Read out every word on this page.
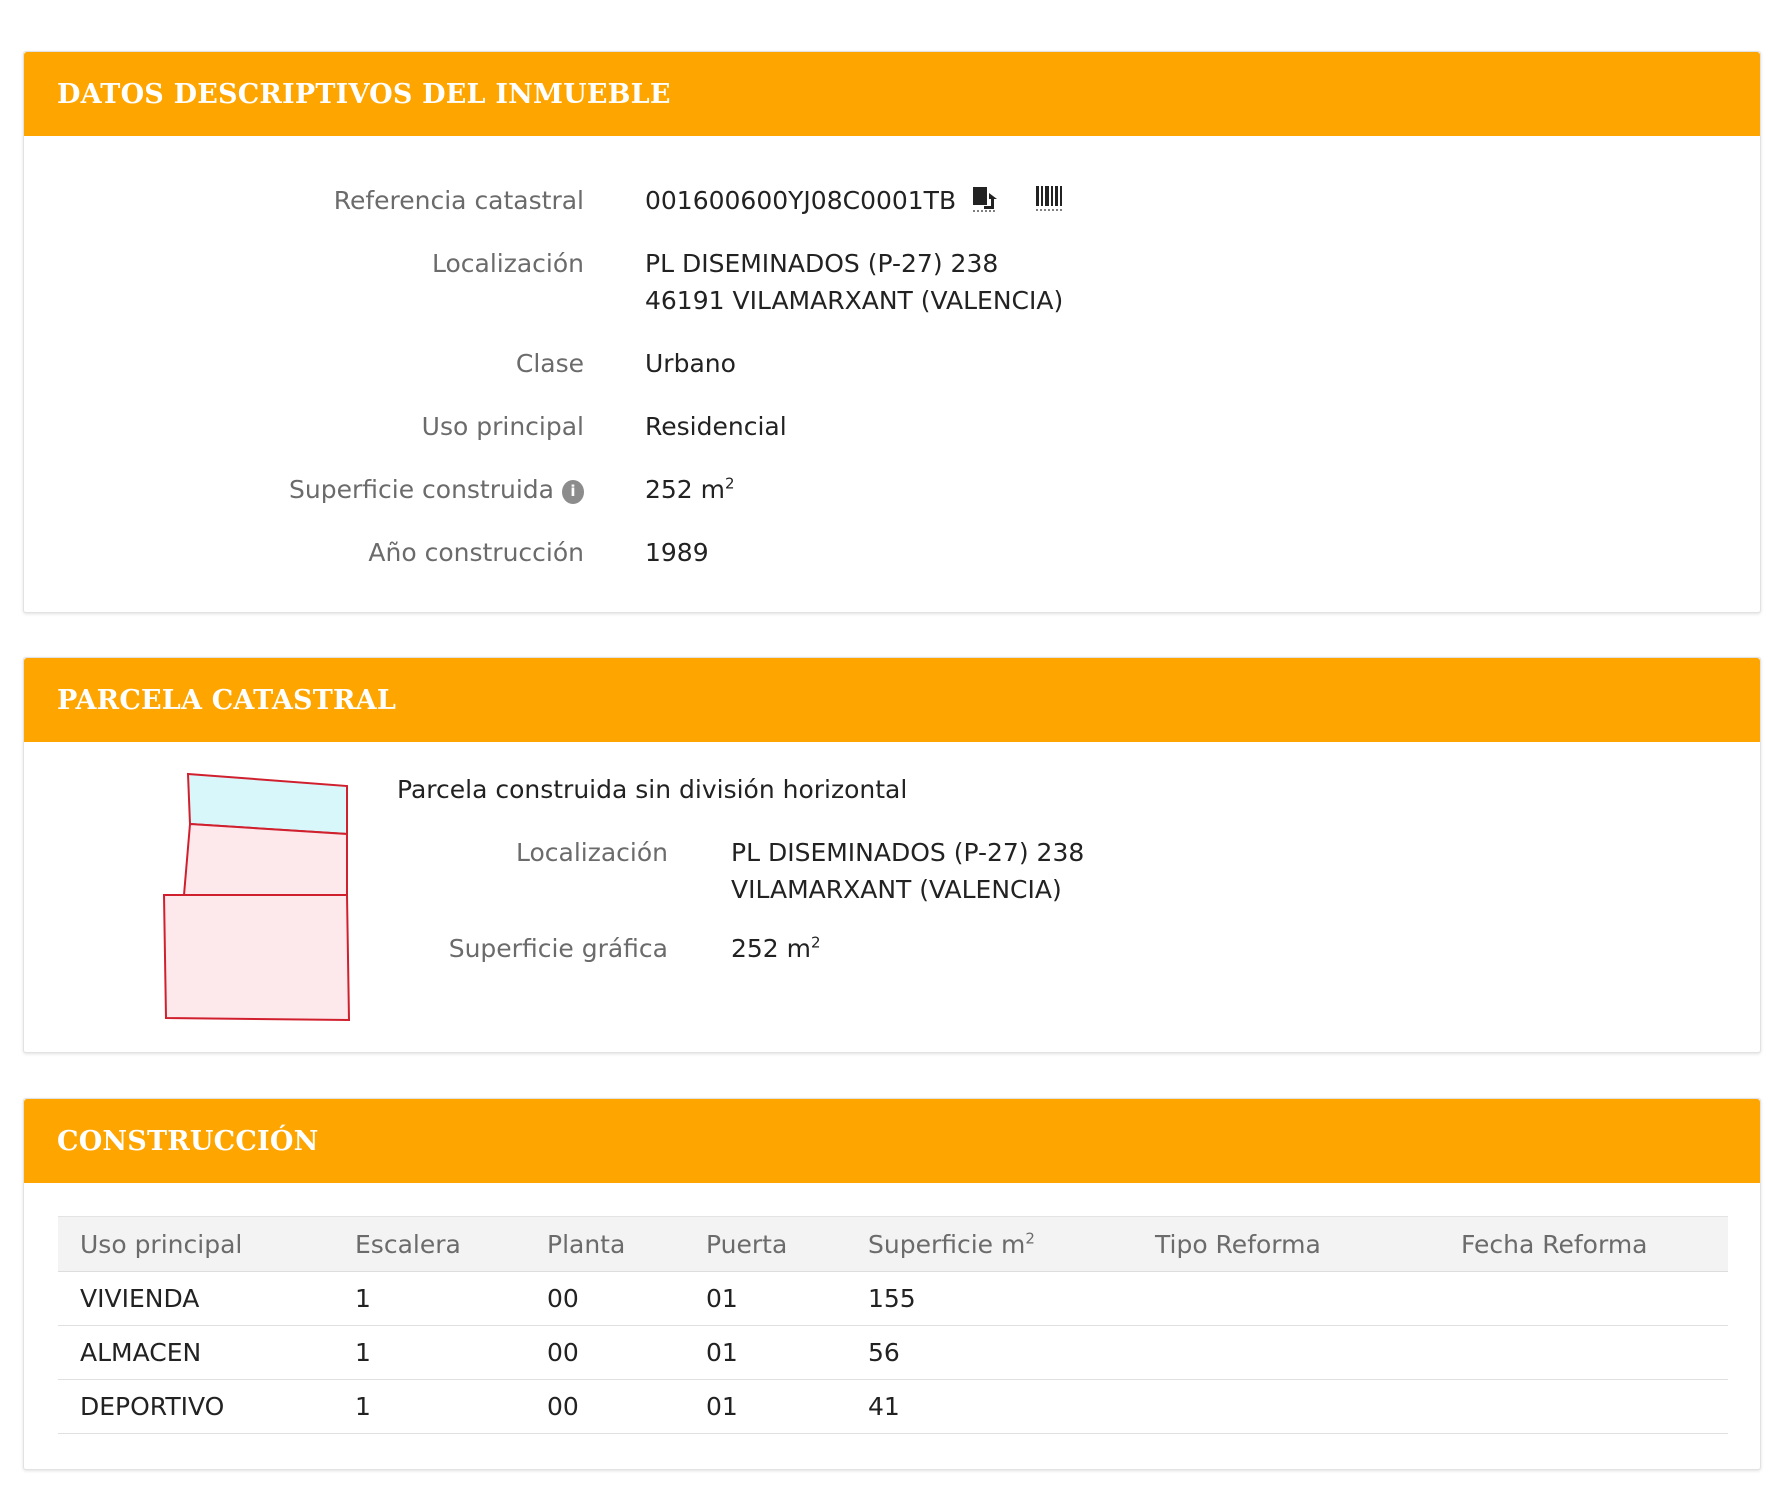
DATOS DESCRIPTIVOS DEL INMUEBLE
Referencia catastral 001600600YJ08C0001TB
Localización PL DISEMINADOS (P-27) 238
46191 VILAMARXANT (VALENCIA)
Clase Urbano
Uso principal Residencial
Superficie construida i	252 $m^2$
Año construcción 1989
PARCELA CATASTRAL
Parcela construida sin división horizontal
Localización	PL DISEMINADOS (P-27) 238
VILAMARXANT (VALENCIA)
Superficie gráfica	252 $m^2$
CONSTRUCCIÓN
Uso principal	Escalera	Planta	Puerta	Superficie $m^2$	Tipo Reforma	Fecha Reforma
VIVIENDA	1	00	01	155		
ALMACEN	1	00	01	56		
DEPORTIVO	1	00	01	41		
